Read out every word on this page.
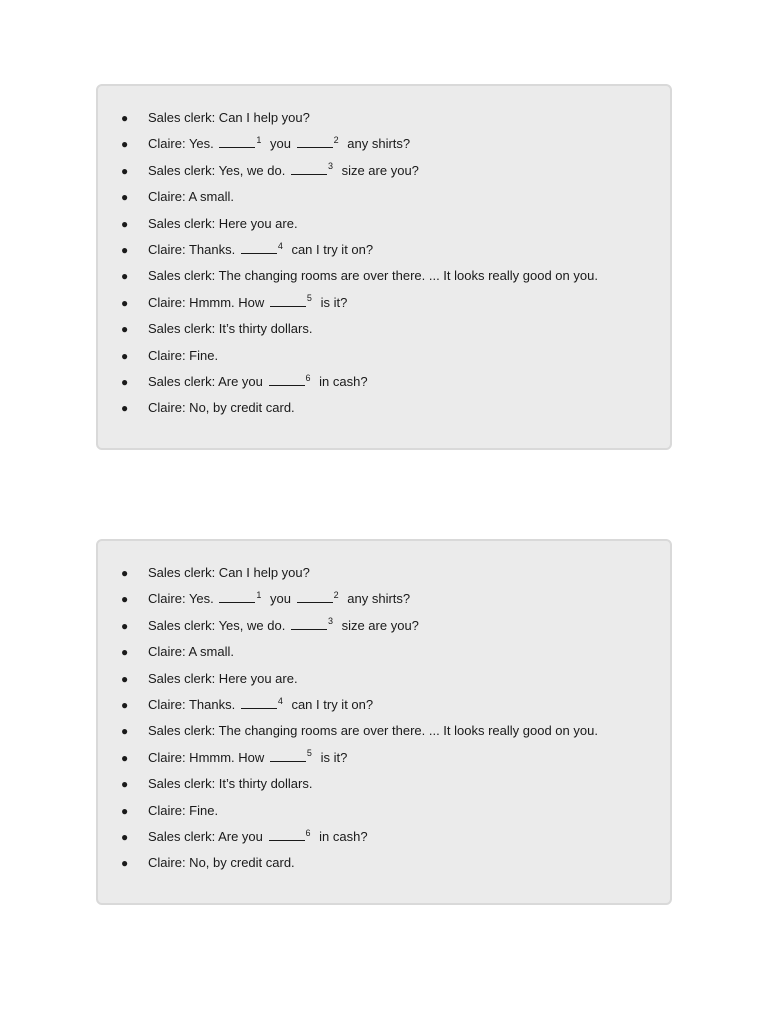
● Sales clerk: Can I help you?
● Claire: Yes.	$^1$ you	$^2$ any shirts?
● Sales clerk: Yes, we do.	$^3$ size are you?
● Claire: A small.
● Sales clerk: Here you are.
● Claire: Thanks.	$^4$ can I try it on?
● Sales clerk: The changing rooms are over there. ... It looks really good on you.
● Claire: Hmmm. How	$^5$ is it?
● Sales clerk: It’s thirty dollars.
● Claire: Fine.
● Sales clerk: Are you	$^6$ in cash?
● Claire: No, by credit card.
● Sales clerk: Can I help you?
● Claire: Yes.	$^1$ you	$^2$ any shirts?
● Sales clerk: Yes, we do.	$^3$ size are you?
● Claire: A small.
● Sales clerk: Here you are.
● Claire: Thanks.	$^4$ can I try it on?
● Sales clerk: The changing rooms are over there. ... It looks really good on you.
● Claire: Hmmm. How	$^5$ is it?
● Sales clerk: It’s thirty dollars.
● Claire: Fine.
● Sales clerk: Are you	$^6$ in cash?
● Claire: No, by credit card.
